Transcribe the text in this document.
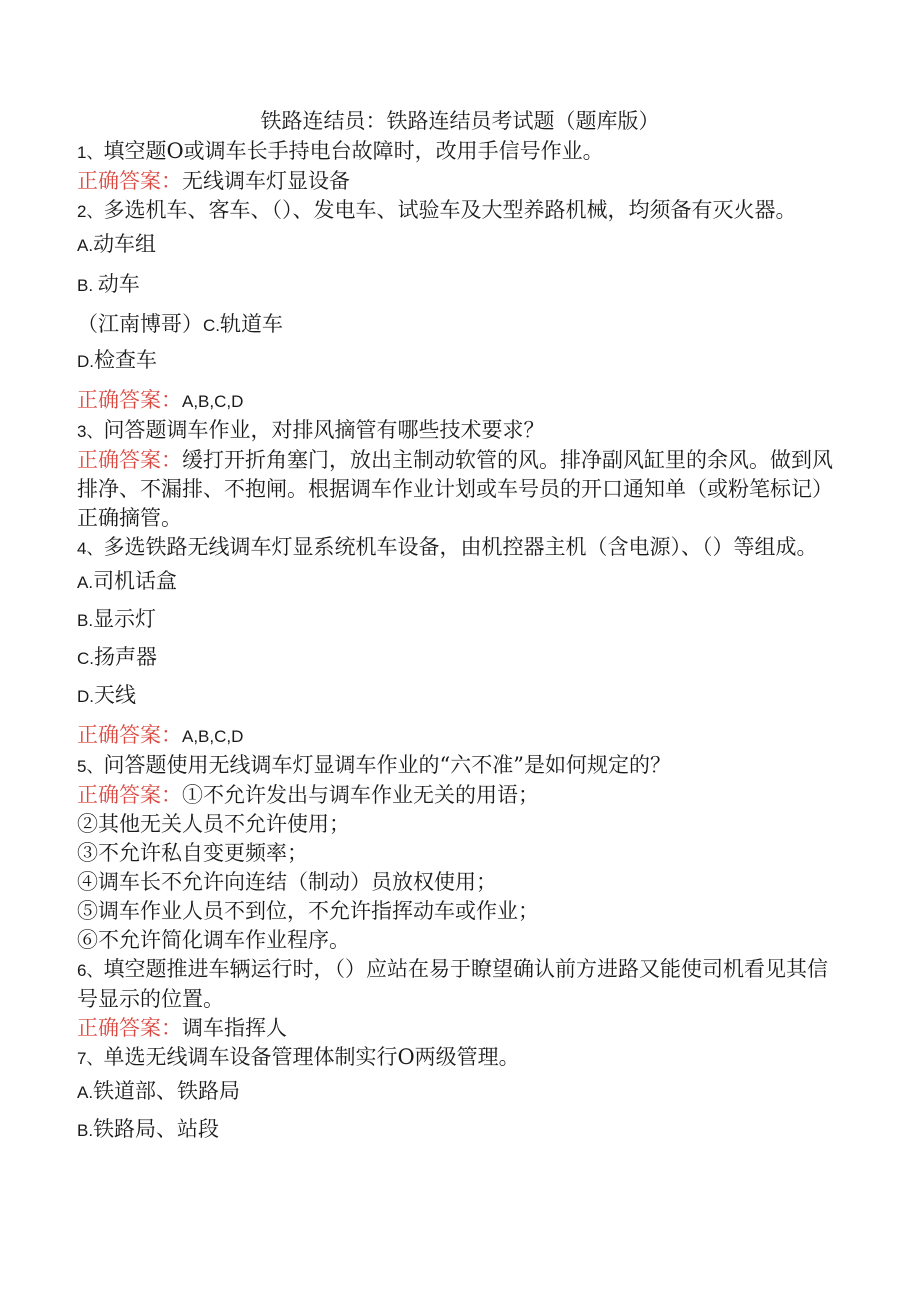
铁路连结员：铁路连结员考试题（题库版）
1、填空题O或调车长手持电台故障时，改用手信号作业。
正确答案：无线调车灯显设备
2、多选机车、客车、（）、发电车、试验车及大型养路机械，均须备有灭火器。
A.动车组
B. 动车
（江南博哥）C.轨道车
D.检查车
正确答案：A,B,C,D
3、问答题调车作业，对排风摘管有哪些技术要求？
正确答案：缓打开折角塞门，放出主制动软管的风。排净副风缸里的余风。做到风排净、不漏排、不抱闸。根据调车作业计划或车号员的开口通知单（或粉笔标记）正确摘管。
4、多选铁路无线调车灯显系统机车设备，由机控器主机（含电源）、（）等组成。
A.司机话盒
B.显示灯
C.扬声器
D.天线
正确答案：A,B,C,D
5、问答题使用无线调车灯显调车作业的“六不准”是如何规定的？
正确答案：①不允许发出与调车作业无关的用语；
②其他无关人员不允许使用；
③不允许私自变更频率；
④调车长不允许向连结（制动）员放权使用；
⑤调车作业人员不到位，不允许指挥动车或作业；
⑥不允许简化调车作业程序。
6、填空题推进车辆运行时，（）应站在易于瞭望确认前方进路又能使司机看见其信号显示的位置。
正确答案：调车指挥人
7、单选无线调车设备管理体制实行O两级管理。
A.铁道部、铁路局
B.铁路局、站段
